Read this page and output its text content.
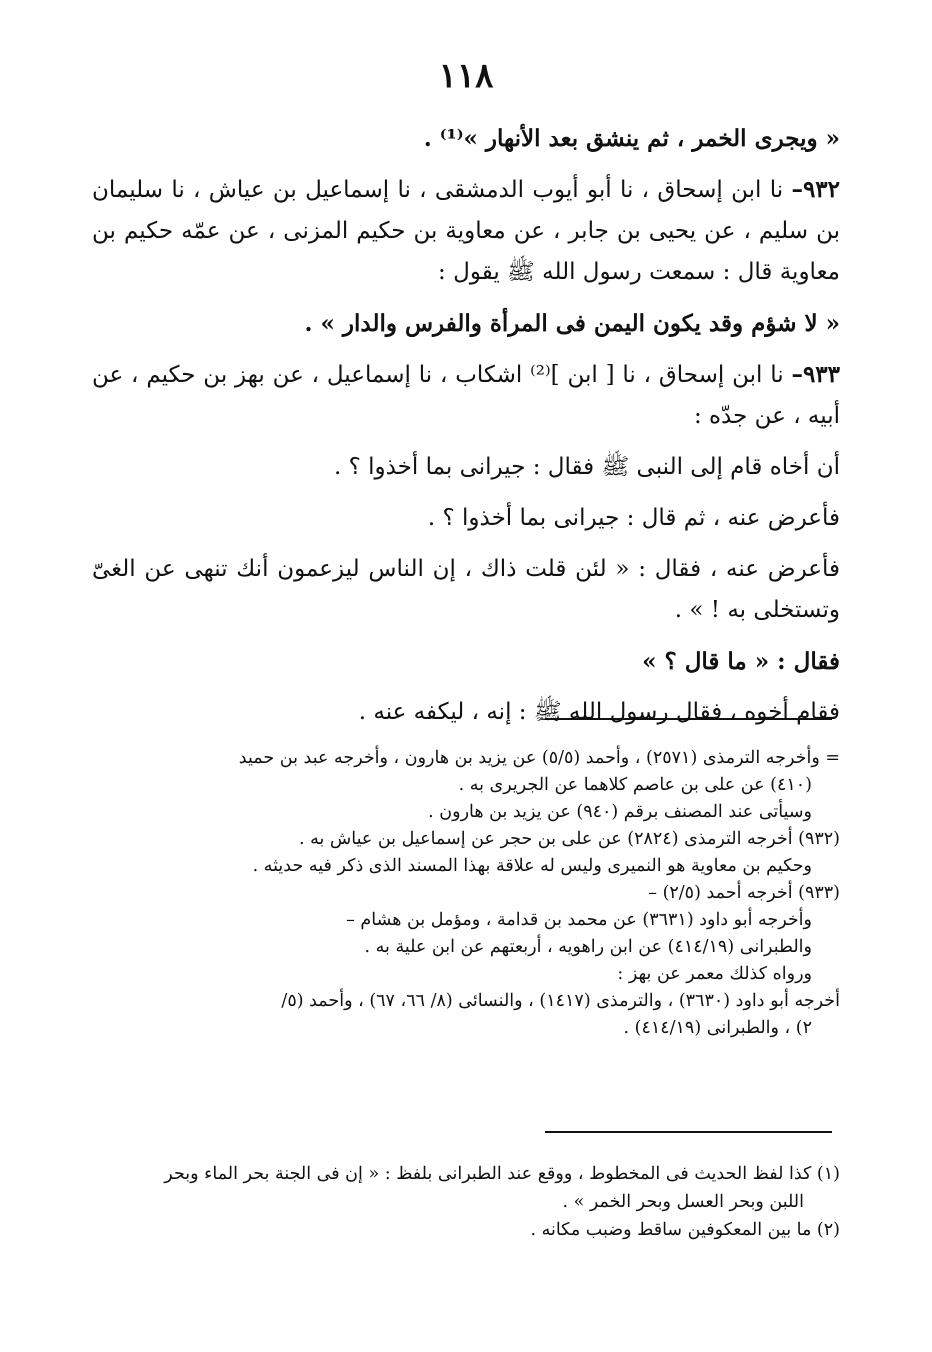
١١٨

« ويجرى الخمر ، ثم ينشق بعد الأنهار »⁽¹⁾ .

٩٣٢– نا ابن إسحاق ، نا أبو أيوب الدمشقى ، نا إسماعيل بن عياش ، نا سليمان بن سليم ، عن يحيى بن جابر ، عن معاوية بن حكيم المزنى ، عن عمّه حكيم بن معاوية قال : سمعت رسول الله ﷺ يقول :

« لا شؤم وقد يكون اليمن فى المرأة والفرس والدار » .

٩٣٣– نا ابن إسحاق ، نا [ ابن ]⁽²⁾ اشكاب ، نا إسماعيل ، عن بهز بن حكيم ، عن أبيه ، عن جدّه :

أن أخاه قام إلى النبى ﷺ فقال : جيرانى بما أخذوا ؟ .

فأعرض عنه ، ثم قال : جيرانى بما أخذوا ؟ .

فأعرض عنه ، فقال : « لئن قلت ذاك ، إن الناس ليزعمون أنك تنهى عن الغىّ وتستخلى به ! » .

فقال : « ما قال ؟ »

فقام أخوه ، فقال رسول الله ﷺ : إنه ، ليكفه عنه .

= وأخرجه الترمذى (٢٥٧١) ، وأحمد (٥/٥) عن يزيد بن هارون ، وأخرجه عبد بن حميد

(٤١٠) عن على بن عاصم كلاهما عن الجريرى به .

وسيأتى عند المصنف برقم (٩٤٠) عن يزيد بن هارون .

(٩٣٢) أخرجه الترمذى (٢٨٢٤) عن على بن حجر عن إسماعيل بن عياش به .

وحكيم بن معاوية هو النميرى وليس له علاقة بهذا المسند الذى ذكر فيه حديثه .

(٩٣٣) أخرجه أحمد (٢/٥) –

وأخرجه أبو داود (٣٦٣١) عن محمد بن قدامة ، ومؤمل بن هشام –

والطبرانى (٤١٤/١٩) عن ابن راهويه ، أربعتهم عن ابن علية به .

ورواه كذلك معمر عن بهز :

أخرجه أبو داود (٣٦٣٠) ، والترمذى (١٤١٧) ، والنسائى (٨/ ٦٦، ٦٧) ، وأحمد (٥/

٢) ، والطبرانى (٤١٤/١٩) .

(١) كذا لفظ الحديث فى المخطوط ، ووقع عند الطبرانى بلفظ : « إن فى الجنة بحر الماء وبحر

اللبن وبحر العسل وبحر الخمر » .

(٢) ما بين المعكوفين ساقط وضبب مكانه .
